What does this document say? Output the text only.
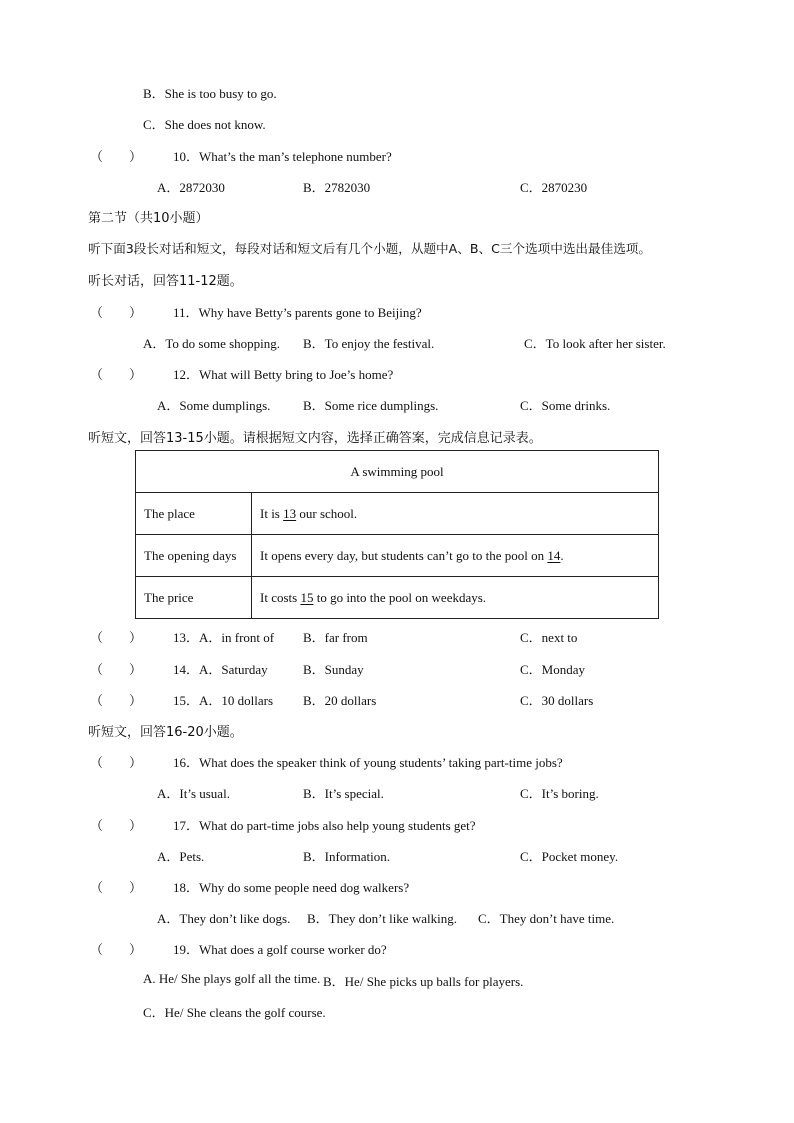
B．She is too busy to go.
C．She does not know.
（　　） 10．What’s the man’s telephone number?
A．2872030	B．2782030	C．2870230
第二节（共10小题）
听下面3段长对话和短文，每段对话和短文后有几个小题，从题中A、B、C三个选项中选出最佳选项。
听长对话，回答11-12题。
（　　） 11．Why have Betty’s parents gone to Beijing?
A．To do some shopping. B．To enjoy the festival.	C．To look after her sister.
（　　） 12．What will Betty bring to Joe’s home?
A．Some dumplings.	B．Some rice dumplings.	C．Some drinks.
听短文，回答13-15小题。请根据短文内容，选择正确答案，完成信息记录表。
A swimming pool	
The place	It is 13 our school.
The opening days	It opens every day, but students can’t go to the pool on 14.
The price	It costs 15 to go into the pool on weekdays.
（　　） 13．A．in front of B．far from	C．next to
（　　） 14．A．Saturday	B．Sunday	C．Monday
（　　） 15．A．10 dollars B．20 dollars	C．30 dollars
听短文，回答16-20小题。
（　　） 16．What does the speaker think of young students’ taking part-time jobs?
A．It’s usual.	B．It’s special.	C．It’s boring.
（　　） 17．What do part-time jobs also help young students get?
A．Pets.	B．Information.	C．Pocket money.
（　　） 18．Why do some people need dog walkers?
A．They don’t like dogs. B．They don’t like walking. C．They don’t have time.
（　　） 19．What does a golf course worker do?
A. He/ She plays golf all the time. B．He/ She picks up balls for players.
C．He/ She cleans the golf course.
